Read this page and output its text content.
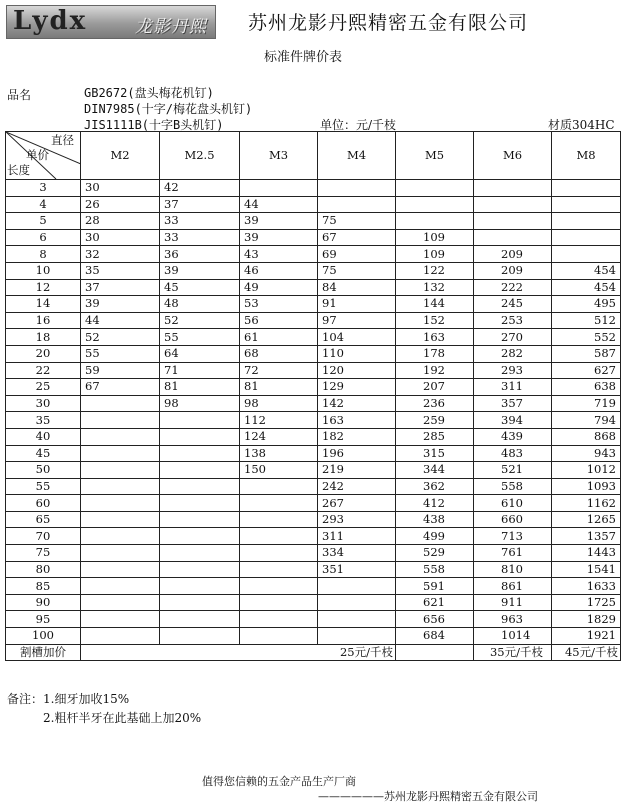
Lydx	龙影丹熙 苏州龙影丹熙精密五金有限公司
标准件牌价表
品名	GB2672(盘头梅花机钉)
DIN7985(十字/梅花盘头机钉)
JIS1111B(十字B头机钉)	单位：元/千枝	材质304HC
直径
单价
长度	M2	M2.5	M3	M4	M5	M6	M8
3	30	42					
4	26	37	44				
5	28	33	39	75			
6	30	33	39	67	109		
8	32	36	43	69	109	209	
10	35	39	46	75	122	209	454
12	37	45	49	84	132	222	454
14	39	48	53	91	144	245	495
16	44	52	56	97	152	253	512
18	52	55	61	104	163	270	552
20	55	64	68	110	178	282	587
22	59	71	72	120	192	293	627
25	67	81	81	129	207	311	638
30		98	98	142	236	357	719
35			112	163	259	394	794
40			124	182	285	439	868
45			138	196	315	483	943
50			150	219	344	521	1012
55				242	362	558	1093
60				267	412	610	1162
65				293	438	660	1265
70				311	499	713	1357
75				334	529	761	1443
80				351	558	810	1541
85					591	861	1633
90					621	911	1725
95					656	963	1829
100					684	1014	1921
割槽加价	25元/千枝					35元/千枝	45元/千枝
备注：1.细牙加收15%
2.粗杆半牙在此基础上加20%
值得您信赖的五金产品生产厂商
——————苏州龙影丹熙精密五金有限公司
